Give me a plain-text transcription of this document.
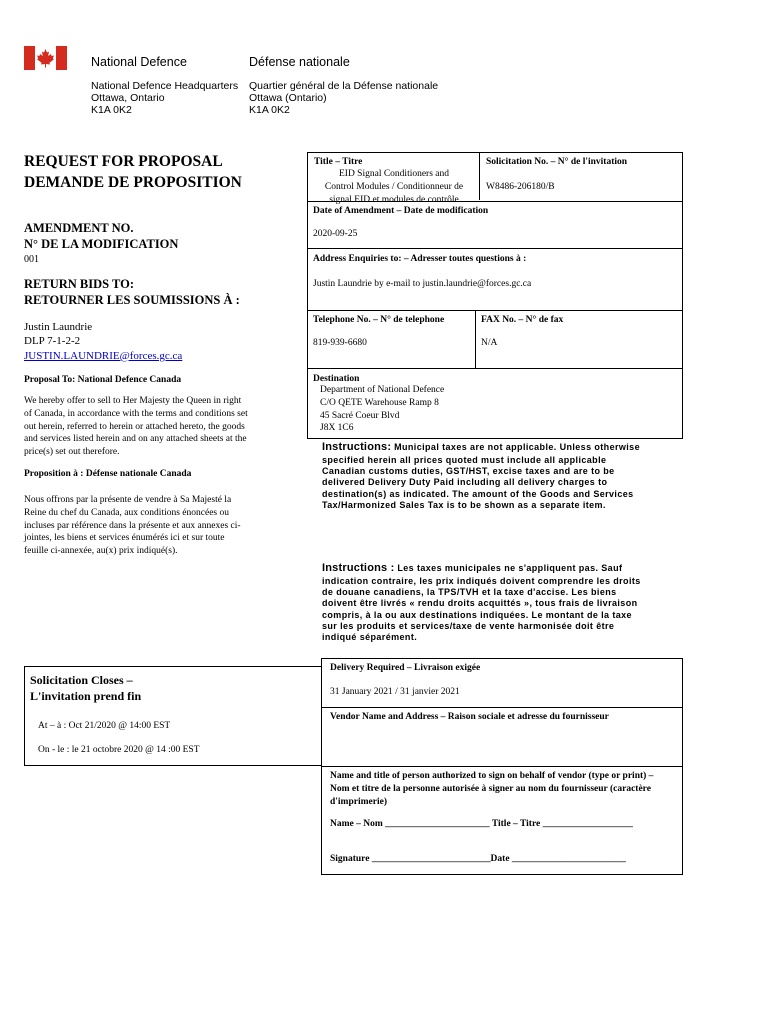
National Defence	Défense nationale
National Defence Headquarters
Ottawa, Ontario
K1A 0K2
Quartier général de la Défense nationale
Ottawa (Ontario)
K1A 0K2
REQUEST FOR PROPOSAL
DEMANDE DE PROPOSITION
AMENDMENT NO.
N° DE LA MODIFICATION
001
RETURN BIDS TO:
RETOURNER LES SOUMISSIONS À :
Justin Laundrie
DLP 7-1-2-2
JUSTIN.LAUNDRIE@forces.gc.ca
Proposal To: National Defence Canada
We hereby offer to sell to Her Majesty the Queen in right of Canada, in accordance with the terms and conditions set out herein, referred to herein or attached hereto, the goods and services listed herein and on any attached sheets at the price(s) set out therefore.
Proposition à : Défense nationale Canada
Nous offrons par la présente de vendre à Sa Majesté la Reine du chef du Canada, aux conditions énoncées ou incluses par référence dans la présente et aux annexes ci-jointes, les biens et services énumérés ici et sur toute feuille ci-annexée, au(x) prix indiqué(s).
Title – Titre
EID Signal Conditioners and
Control Modules / Conditionneur de
signal EID et modules de contrôle
Solicitation No. – N° de l'invitation
W8486-206180/B
Date of Amendment – Date de modification
2020-09-25
Address Enquiries to: – Adresser toutes questions à :
Justin Laundrie by e-mail to justin.laundrie@forces.gc.ca
Telephone No. – N° de telephone
819-939-6680
FAX No. – N° de fax
N/A
Destination
Department of National Defence
C/O QETE Warehouse Ramp 8
45 Sacré Coeur Blvd
J8X 1C6
Instructions: Municipal taxes are not applicable. Unless otherwise specified herein all prices quoted must include all applicable Canadian customs duties, GST/HST, excise taxes and are to be delivered Delivery Duty Paid including all delivery charges to destination(s) as indicated. The amount of the Goods and Services Tax/Harmonized Sales Tax is to be shown as a separate item.
Instructions : Les taxes municipales ne s'appliquent pas. Sauf indication contraire, les prix indiqués doivent comprendre les droits de douane canadiens, la TPS/TVH et la taxe d'accise. Les biens doivent être livrés « rendu droits acquittés », tous frais de livraison compris, à la ou aux destinations indiquées. Le montant de la taxe sur les produits et services/taxe de vente harmonisée doit être indiqué séparément.
Delivery Required – Livraison exigée
31 January 2021 / 31 janvier 2021
Vendor Name and Address – Raison sociale et adresse du fournisseur
Name and title of person authorized to sign on behalf of vendor (type or print) – Nom et titre de la personne autorisée à signer au nom du fournisseur (caractère d'imprimerie)
Name – Nom ______________________ Title – Titre ___________________
Signature _________________________Date ________________________
Solicitation Closes –
L'invitation prend fin
At – à : Oct 21/2020 @ 14:00 EST
On - le : le 21 octobre 2020 @ 14 :00 EST
